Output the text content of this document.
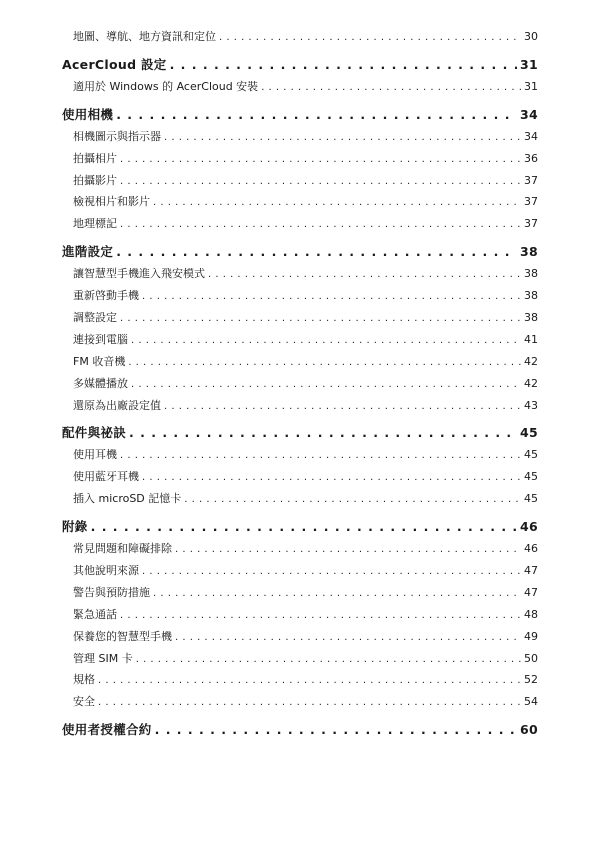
地圖、導航、地方資訊和定位 . . .	30
AcerCloud 設定 . . .	31
適用於 Windows 的 AcerCloud 安裝 . . .	31
使用相機 . . .	34
相機圖示與指示器 . . .	34
拍攝相片 . . .	36
拍攝影片 . . .	37
檢視相片和影片 . . .	37
地理標記 . . .	37
進階設定 . . .	38
讓智慧型手機進入飛安模式 . . .	38
重新啓動手機 . . .	38
調整設定 . . .	38
連接到電腦 . . .	41
FM 收音機 . . .	42
多媒體播放 . . .	42
還原為出廠設定值 . . .	43
配件與祕訣 . . .	45
使用耳機 . . .	45
使用藍牙耳機 . . .	45
插入 microSD 記憶卡 . . .	45
附錄 . . .	46
常見問題和障礙排除 . . .	46
其他說明來源 . . .	47
警告與預防措施 . . .	47
緊急通話 . . .	48
保養您的智慧型手機 . . .	49
管理 SIM 卡 . . .	50
規格 . . .	52
安全 . . .	54
使用者授權合約 . . .	60
